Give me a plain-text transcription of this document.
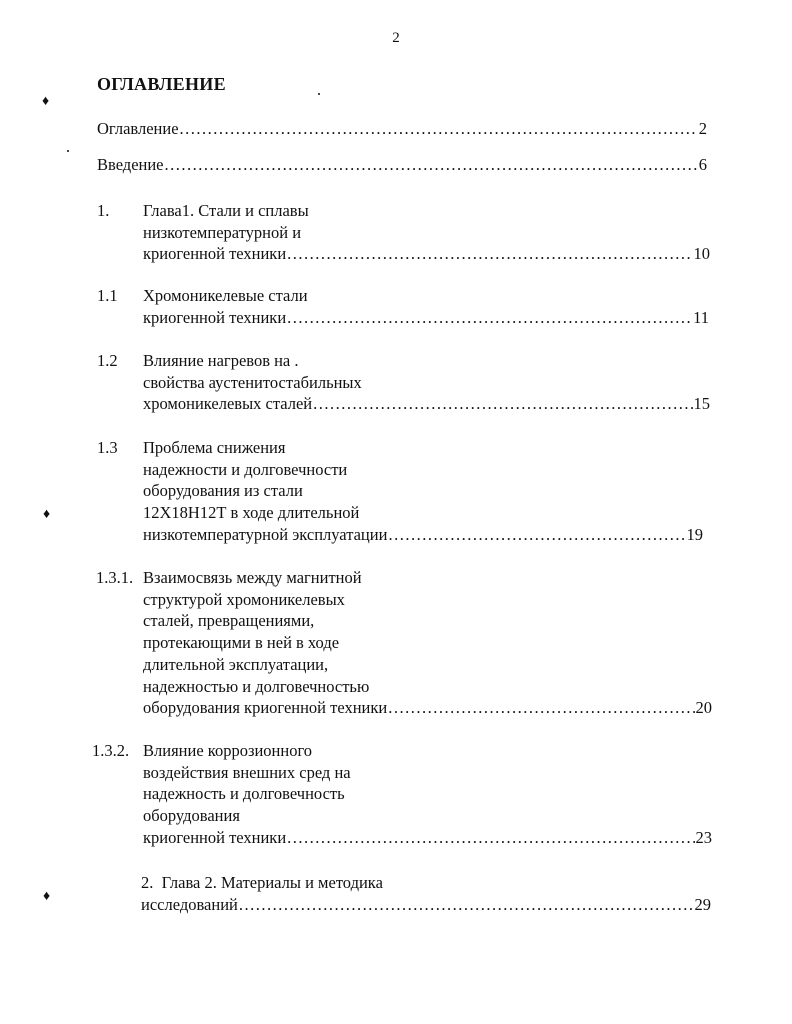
2
ОГЛАВЛЕНИЕ
Оглавление .....	2
Введение .....	6
1. Глава1. Стали и сплавы
низкотемпературной и
криогенной техники .....	10
1.1 Хромоникелевые стали
криогенной техники .....	11
1.2 Влияние нагревов на .
свойства аустенитостабильных
хромоникелевых сталей .....	15
1.3 Проблема снижения
надежности и долговечности
оборудования из стали
12Х18Н12Т в ходе длительной
низкотемпературной эксплуатации .....	19
1.3.1. Взаимосвязь между магнитной
структурой хромоникелевых
сталей, превращениями,
протекающими в ней в ходе
длительной эксплуатации,
надежностью и долговечностью
оборудования криогенной техники .....	20
1.3.2. Влияние коррозионного
воздействия внешних сред на
надежность и долговечность
оборудования
криогенной техники .....	23
2. Глава 2. Материалы и методика
исследований .....	29
♦
♦
♦
